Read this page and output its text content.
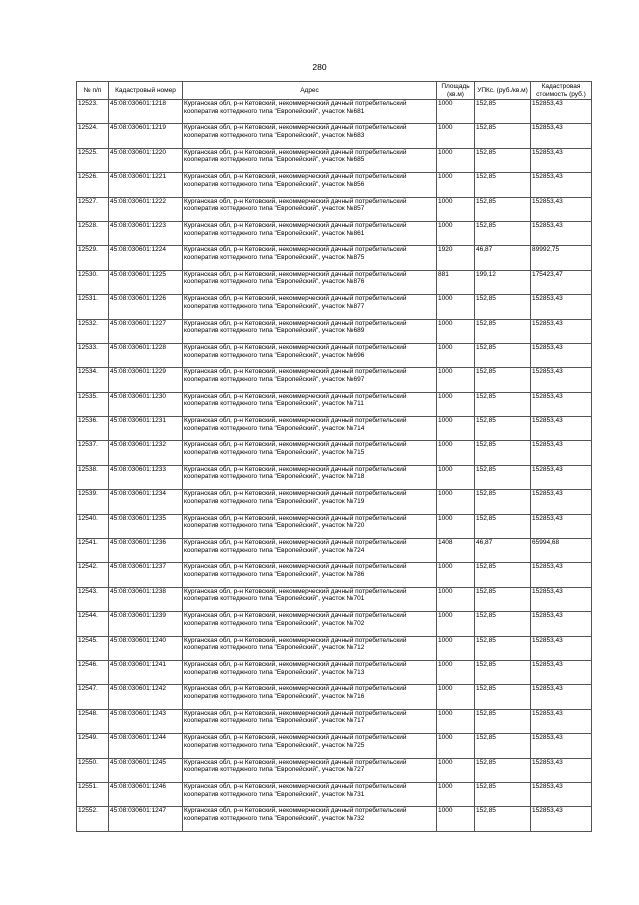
280
№ п/п	Кадастровый номер	Адрес	Площадь (кв.м)	УПКс. (руб./кв.м)	Кадастровая стоимость (руб.)
12523.	45:08:030601:1218	Курганская обл, р-н Кетовский, некоммерческий дачный потребительский кооператив коттеджного типа "Европейский", участок №681	1000	152,85	152853,43
12524.	45:08:030601:1219	Курганская обл, р-н Кетовский, некоммерческий дачный потребительский кооператив коттеджного типа "Европейский", участок №683	1000	152,85	152853,43
12525.	45:08:030601:1220	Курганская обл, р-н Кетовский, некоммерческий дачный потребительский кооператив коттеджного типа "Европейский", участок №685	1000	152,85	152853,43
12526.	45:08:030601:1221	Курганская обл, р-н Кетовский, некоммерческий дачный потребительский кооператив коттеджного типа "Европейский", участок №856	1000	152,85	152853,43
12527.	45:08:030601:1222	Курганская обл, р-н Кетовский, некоммерческий дачный потребительский кооператив коттеджного типа "Европейский", участок №857	1000	152,85	152853,43
12528.	45:08:030601:1223	Курганская обл, р-н Кетовский, некоммерческий дачный потребительский кооператив коттеджного типа "Европейский", участок №861	1000	152,85	152853,43
12529.	45:08:030601:1224	Курганская обл, р-н Кетовский, некоммерческий дачный потребительский кооператив коттеджного типа "Европейский", участок №875	1920	46,87	89992,75
12530.	45:08:030601:1225	Курганская обл, р-н Кетовский, некоммерческий дачный потребительский кооператив коттеджного типа "Европейский", участок №876	881	199,12	175423,47
12531.	45:08:030601:1226	Курганская обл, р-н Кетовский, некоммерческий дачный потребительский кооператив коттеджного типа "Европейский", участок №877	1000	152,85	152853,43
12532.	45:08:030601:1227	Курганская обл, р-н Кетовский, некоммерческий дачный потребительский кооператив коттеджного типа "Европейский", участок №689	1000	152,85	152853,43
12533.	45:08:030601:1228	Курганская обл, р-н Кетовский, некоммерческий дачный потребительский кооператив коттеджного типа "Европейский", участок №696	1000	152,85	152853,43
12534.	45:08:030601:1229	Курганская обл, р-н Кетовский, некоммерческий дачный потребительский кооператив коттеджного типа "Европейский", участок №697	1000	152,85	152853,43
12535.	45:08:030601:1230	Курганская обл, р-н Кетовский, некоммерческий дачный потребительский кооператив коттеджного типа "Европейский", участок №711	1000	152,85	152853,43
12536.	45:08:030601:1231	Курганская обл, р-н Кетовский, некоммерческий дачный потребительский кооператив коттеджного типа "Европейский", участок №714	1000	152,85	152853,43
12537.	45:08:030601:1232	Курганская обл, р-н Кетовский, некоммерческий дачный потребительский кооператив коттеджного типа "Европейский", участок №715	1000	152,85	152853,43
12538.	45:08:030601:1233	Курганская обл, р-н Кетовский, некоммерческий дачный потребительский кооператив коттеджного типа "Европейский", участок №718	1000	152,85	152853,43
12539.	45:08:030601:1234	Курганская обл, р-н Кетовский, некоммерческий дачный потребительский кооператив коттеджного типа "Европейский", участок №719	1000	152,85	152853,43
12540.	45:08:030601:1235	Курганская обл, р-н Кетовский, некоммерческий дачный потребительский кооператив коттеджного типа "Европейский", участок №720	1000	152,85	152853,43
12541.	45:08:030601:1236	Курганская обл, р-н Кетовский, некоммерческий дачный потребительский кооператив коттеджного типа "Европейский", участок №724	1408	46,87	65994,68
12542.	45:08:030601:1237	Курганская обл, р-н Кетовский, некоммерческий дачный потребительский кооператив коттеджного типа "Европейский", участок №786	1000	152,85	152853,43
12543.	45:08:030601:1238	Курганская обл, р-н Кетовский, некоммерческий дачный потребительский кооператив коттеджного типа "Европейский", участок №701	1000	152,85	152853,43
12544.	45:08:030601:1239	Курганская обл, р-н Кетовский, некоммерческий дачный потребительский кооператив коттеджного типа "Европейский", участок №702	1000	152,85	152853,43
12545.	45:08:030601:1240	Курганская обл, р-н Кетовский, некоммерческий дачный потребительский кооператив коттеджного типа "Европейский", участок №712	1000	152,85	152853,43
12546.	45:08:030601:1241	Курганская обл, р-н Кетовский, некоммерческий дачный потребительский кооператив коттеджного типа "Европейский", участок №713	1000	152,85	152853,43
12547.	45:08:030601:1242	Курганская обл, р-н Кетовский, некоммерческий дачный потребительский кооператив коттеджного типа "Европейский", участок №716	1000	152,85	152853,43
12548.	45:08:030601:1243	Курганская обл, р-н Кетовский, некоммерческий дачный потребительский кооператив коттеджного типа "Европейский", участок №717	1000	152,85	152853,43
12549.	45:08:030601:1244	Курганская обл, р-н Кетовский, некоммерческий дачный потребительский кооператив коттеджного типа "Европейский", участок №725	1000	152,85	152853,43
12550.	45:08:030601:1245	Курганская обл, р-н Кетовский, некоммерческий дачный потребительский кооператив коттеджного типа "Европейский", участок №727	1000	152,85	152853,43
12551.	45:08:030601:1246	Курганская обл, р-н Кетовский, некоммерческий дачный потребительский кооператив коттеджного типа "Европейский", участок №731	1000	152,85	152853,43
12552.	45:08:030601:1247	Курганская обл, р-н Кетовский, некоммерческий дачный потребительский кооператив коттеджного типа "Европейский", участок №732	1000	152,85	152853,43
